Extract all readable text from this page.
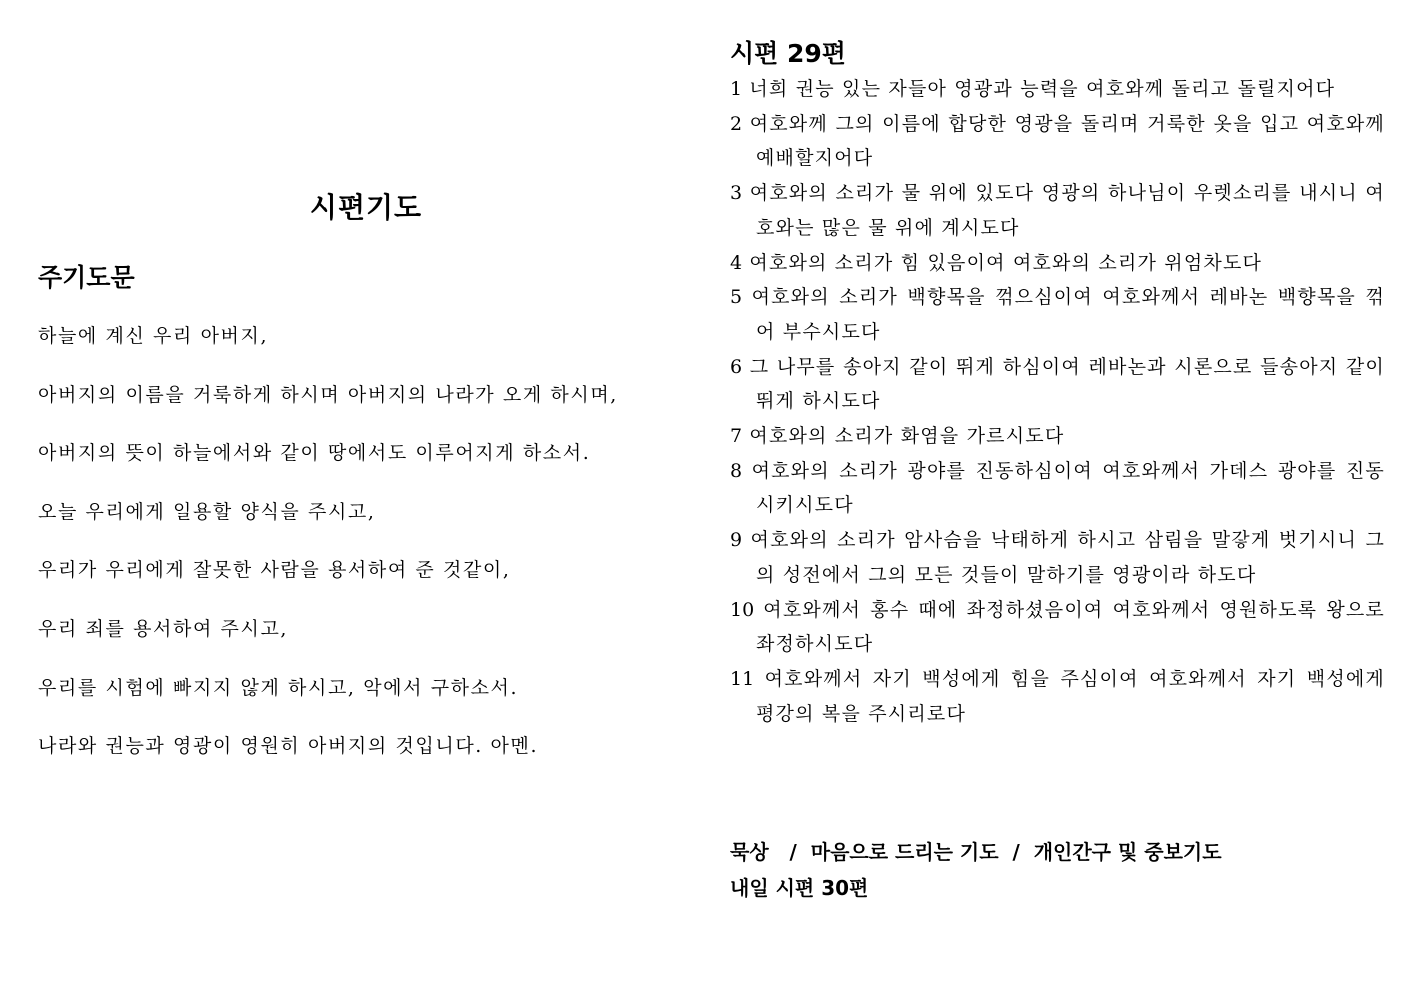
시편기도
주기도문
하늘에 계신 우리 아버지,
아버지의 이름을 거룩하게 하시며 아버지의 나라가 오게 하시며,
아버지의 뜻이 하늘에서와 같이 땅에서도 이루어지게 하소서.
오늘 우리에게 일용할 양식을 주시고,
우리가 우리에게 잘못한 사람을 용서하여 준 것같이,
우리 죄를 용서하여 주시고,
우리를 시험에 빠지지 않게 하시고, 악에서 구하소서.
나라와 권능과 영광이 영원히 아버지의 것입니다. 아멘.
시편 29편
1 너희 권능 있는 자들아 영광과 능력을 여호와께 돌리고 돌릴지어다
2 여호와께 그의 이름에 합당한 영광을 돌리며 거룩한 옷을 입고 여호와께 예배할지어다
3 여호와의 소리가 물 위에 있도다 영광의 하나님이 우렛소리를 내시니 여호와는 많은 물 위에 계시도다
4 여호와의 소리가 힘 있음이여 여호와의 소리가 위엄차도다
5 여호와의 소리가 백향목을 꺾으심이여 여호와께서 레바논 백향목을 꺾어 부수시도다
6 그 나무를 송아지 같이 뛰게 하심이여 레바논과 시론으로 들송아지 같이 뛰게 하시도다
7 여호와의 소리가 화염을 가르시도다
8 여호와의 소리가 광야를 진동하심이여 여호와께서 가데스 광야를 진동시키시도다
9 여호와의 소리가 암사슴을 낙태하게 하시고 삼림을 말갛게 벗기시니 그의 성전에서 그의 모든 것들이 말하기를 영광이라 하도다
10 여호와께서 홍수 때에 좌정하셨음이여 여호와께서 영원하도록 왕으로 좌정하시도다
11 여호와께서 자기 백성에게 힘을 주심이여 여호와께서 자기 백성에게 평강의 복을 주시리로다
묵상   /  마음으로 드리는 기도  /  개인간구 및 중보기도
내일 시편 30편
